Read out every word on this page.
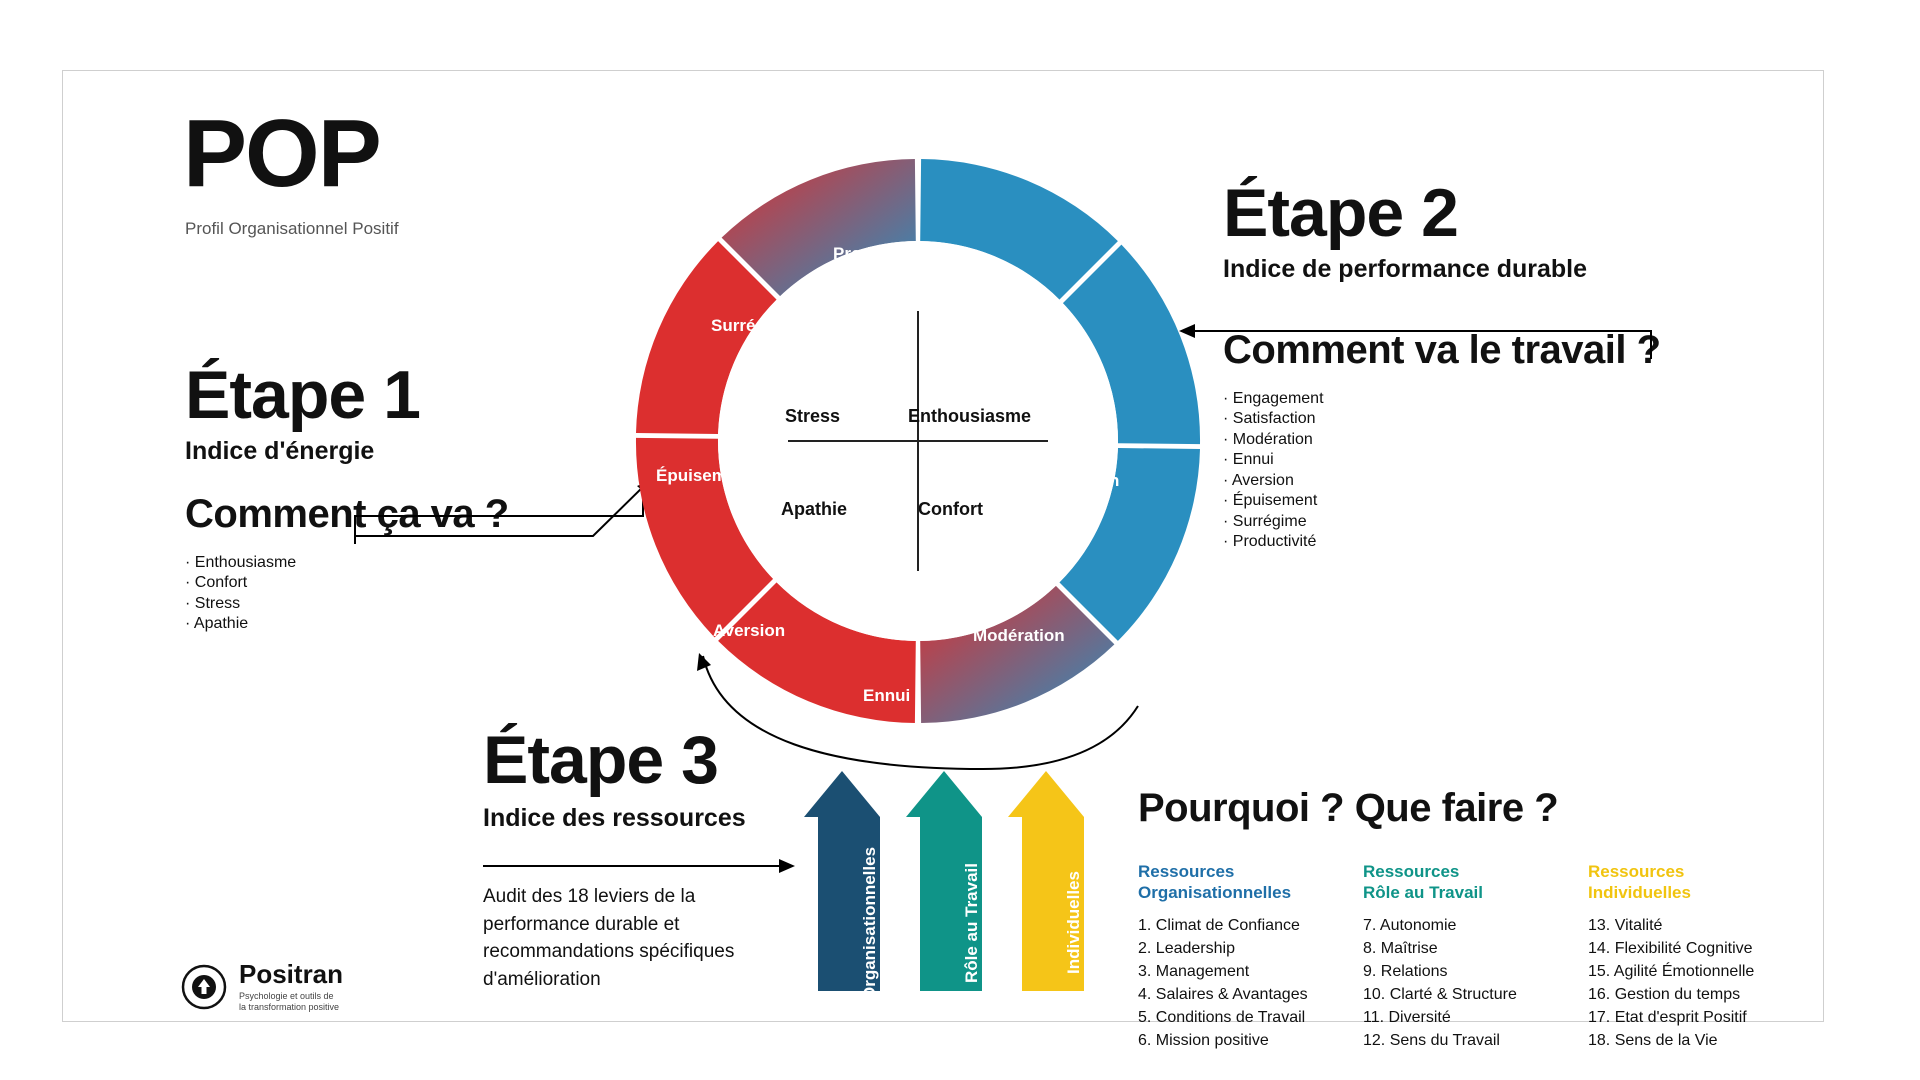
POP
Profil Organisationnel Positif
Étape 1
Indice d'énergie
Comment ça va ?
· Enthousiasme
· Confort
· Stress
· Apathie
Étape 2
Indice de performance durable
Comment va le travail ?
· Engagement
· Satisfaction
· Modération
· Ennui
· Aversion
· Épuisement
· Surrégime
· Productivité
Étape 3
Indice des ressources
Audit des 18 leviers de la performance durable et recommandations spécifiques d'amélioration
Productivité
Engagement
Satisfaction
Modération
Ennui
Aversion
Épuisement
Surrégime
Stress	Enthousiasme
Apathie	Confort
Organisationnelles	Rôle au Travail	Individuelles
Pourquoi ? Que faire ?
Ressources
Organisationnelles
1. Climat de Confiance
2. Leadership
3. Management
4. Salaires & Avantages
5. Conditions de Travail
6. Mission positive
Ressources
Rôle au Travail
7. Autonomie
8. Maîtrise
9. Relations
10. Clarté & Structure
11. Diversité
12. Sens du Travail
Ressources
Individuelles
13. Vitalité
14. Flexibilité Cognitive
15. Agilité Émotionnelle
16. Gestion du temps
17. Etat d'esprit Positif
18. Sens de la Vie
Positran
Psychologie et outils de
la transformation positive
